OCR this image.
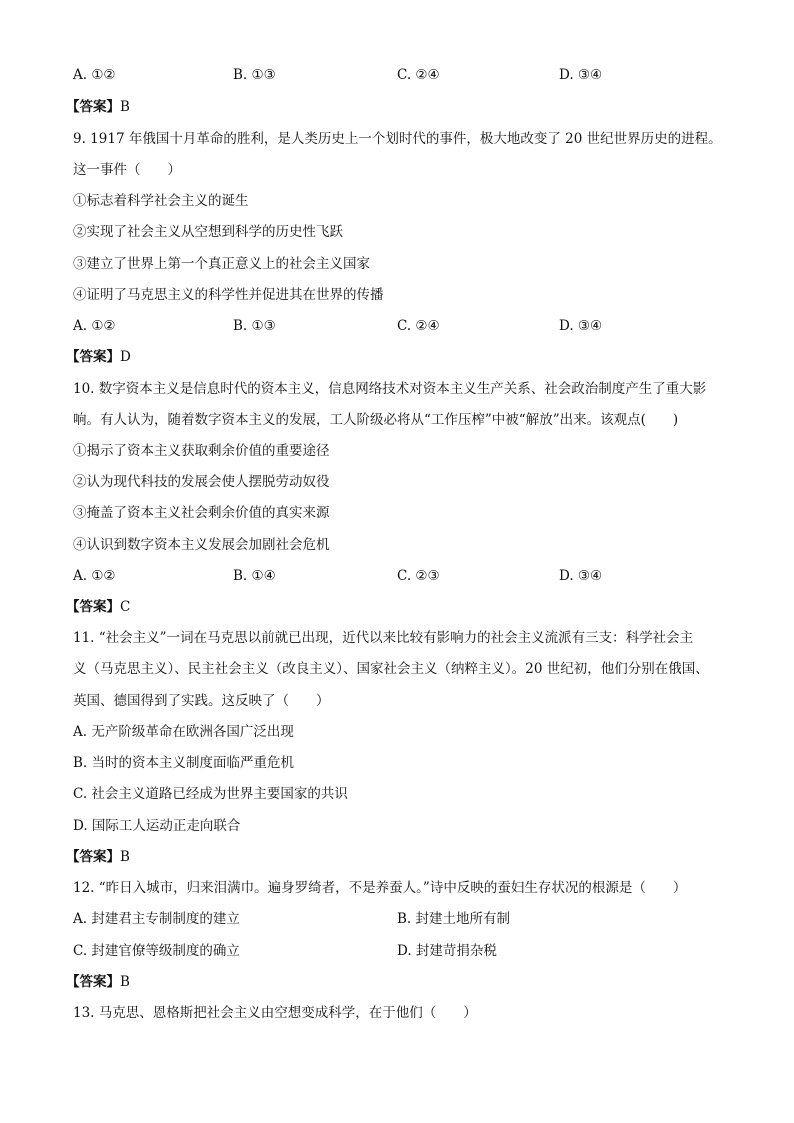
A. ①②	B. ①③	C. ②④	D. ③④
【答案】B
9. 1917 年俄国十月革命的胜利，是人类历史上一个划时代的事件，极大地改变了 20 世纪世界历史的进程。
这一事件（　　）
①标志着科学社会主义的诞生
②实现了社会主义从空想到科学的历史性飞跃
③建立了世界上第一个真正意义上的社会主义国家
④证明了马克思主义的科学性并促进其在世界的传播
A. ①②	B. ①③	C. ②④	D. ③④
【答案】D
10. 数字资本主义是信息时代的资本主义，信息网络技术对资本主义生产关系、社会政治制度产生了重大影
响。有人认为，随着数字资本主义的发展，工人阶级必将从“工作压榨”中被“解放”出来。该观点(　　)
①揭示了资本主义获取剩余价值的重要途径
②认为现代科技的发展会使人摆脱劳动奴役
③掩盖了资本主义社会剩余价值的真实来源
④认识到数字资本主义发展会加剧社会危机
A. ①②	B. ①④	C. ②③	D. ③④
【答案】C
11. “社会主义”一词在马克思以前就已出现，近代以来比较有影响力的社会主义流派有三支：科学社会主
义（马克思主义）、民主社会主义（改良主义）、国家社会主义（纳粹主义）。20 世纪初，他们分别在俄国、
英国、德国得到了实践。这反映了（　　）
A. 无产阶级革命在欧洲各国广泛出现
B. 当时的资本主义制度面临严重危机
C. 社会主义道路已经成为世界主要国家的共识
D. 国际工人运动正走向联合
【答案】B
12. “昨日入城市，归来泪满巾。遍身罗绮者，不是养蚕人。”诗中反映的蚕妇生存状况的根源是（　　）
A. 封建君主专制制度的建立	B. 封建土地所有制
C. 封建官僚等级制度的确立	D. 封建苛捐杂税
【答案】B
13. 马克思、恩格斯把社会主义由空想变成科学，在于他们（　　）
